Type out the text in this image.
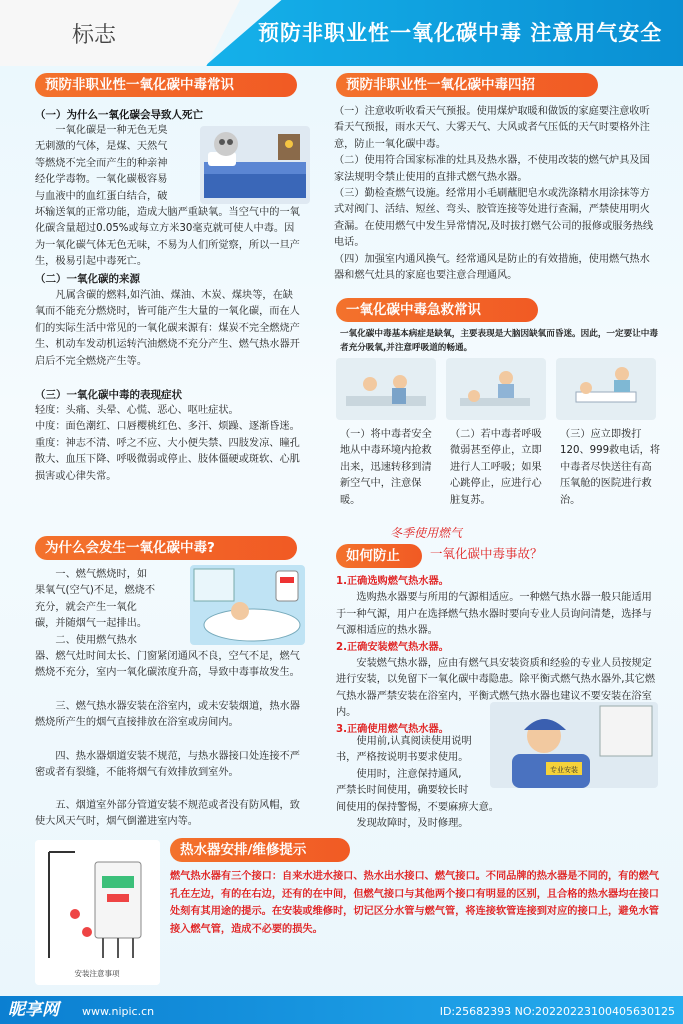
标志	预防非职业性一氧化碳中毒 注意用气安全
预防非职业性一氧化碳中毒常识
（一）为什么一氧化碳会导致人死亡

一氧化碳是一种无色无臭

无刺激的气体，是煤、天然气

等燃烧不完全而产生的种亲神

经化学毒物。一氧化碳极容易

与血液中的血红蛋白结合，破

坏输送氧的正常功能，造成大脑严重缺氧。当空气中的一氧化碳含量超过0.05%或每立方米30毫克就可使人中毒。因为一氧化碳气体无色无味，不易为人们所觉察，所以一旦产生，极易引起中毒死亡。
（二）一氧化碳的来源
凡属含碳的燃料,如汽油、煤油、木炭、煤块等，在缺氧而不能充分燃烧时，皆可能产生大量的一氧化碳，而在人们的实际生活中常见的一氧化碳来源有：煤炭不完全燃烧产生、机动车发动机运转汽油燃烧不充分产生、燃气热水器开启后不完全燃烧产生等。
（三）一氧化碳中毒的表现症状

轻度：头痛、头晕、心慌、恶心、呕吐症状。

中度：面色潮红、口唇樱桃红色、多汗、烦躁、逐渐昏迷。

重度：神志不清、呼之不应、大小便失禁、四肢发凉、瞳孔散大、血压下降、呼吸微弱或停止、肢体僵硬或斑软、心肌损害或心律失常。

为什么会发生一氧化碳中毒?

一、燃气燃烧时，如

果氧气(空气)不足，燃烧不

充分，就会产生一氧化

碳，并随烟气一起排出。

二、使用燃气热水

器、燃气灶时间太长、门窗紧闭通风不良，空气不足，燃气燃烧不充分，室内一氧化碳浓度升高，导致中毒事故发生。
三、燃气热水器安装在浴室内，或未安装烟道，热水器燃烧所产生的烟气直接排放在浴室或房间内。
四、热水器烟道安装不规范，与热水器接口处连接不严密或者有裂缝，不能将烟气有效排放到室外。
五、烟道室外部分管道安装不规范或者没有防风帽，致使大风天气时，烟气倒灌进室内等。
预防非职业性一氧化碳中毒四招

（一）注意收听收看天气预报。使用煤炉取暖和做饭的家庭要注意收听看天气预报，雨水天气、大雾天气、大风或者气压低的天气时要格外注意，防止一氧化碳中毒。

（二）使用符合国家标准的灶具及热水器，不使用改装的燃气炉具及国家法规明令禁止使用的直排式燃气热水器。

（三）勤检查燃气设施。经常用小毛刷蘸肥皂水或洗涤精水用涂抹等方式对阀门、活结、短丝、弯头、胶管连接等处进行查漏，严禁使用明火查漏。在使用燃气中发生异常情况,及时拔打燃气公司的报修或服务热线电话。

（四）加强室内通风换气。经常通风是防止的有效措施，使用燃气热水器和燃气灶具的家庭也要注意合理通风。

一氧化碳中毒急救常识
一氧化碳中毒基本病症是缺氧，主要表现是大脑因缺氧而昏迷。因此，一定要让中毒者充分吸氧,并注意呼吸道的畅通。
（一）将中毒者安全地从中毒环境内抢救出来，迅速转移到清新空气中，注意保暖。
（二）若中毒者呼吸微弱甚至停止，立即进行人工呼吸；如果心跳停止，应进行心脏复苏。
（三）应立即拨打120、999救电话，将中毒者尽快送往有高压氧舱的医院进行救治。
冬季使用燃气
如何防止	一氧化碳中毒事故？

1.正确选购燃气热水器。

选购热水器要与所用的气源相适应。一种燃气热水器一般只能适用于一种气源，用户在选择燃气热水器时要向专业人员询问清楚，选择与气源相适应的热水器。

2.正确安装燃气热水器。

安装燃气热水器，应由有燃气具安装资质和经验的专业人员按规定进行安装，以免留下一氧化碳中毒隐患。除平衡式燃气热水器外,其它燃气热水器严禁安装在浴室内，平衡式燃气热水器也建议不要安装在浴室内。

3.正确使用燃气热水器。

使用前,认真阅读使用说明

书，严格按说明书要求使用。

使用时，注意保持通风,

严禁长时间使用，确要较长时

间使用的保持警惕，不要麻痹大意。

发现故障时，及时修理。

专业安装
安装注意事项
热水器安排/维修提示
燃气热水器有三个接口：自来水进水接口、热水出水接口、燃气接口。不同品牌的热水器是不同的，有的燃气孔在左边，有的在右边，还有的在中间，但燃气接口与其他两个接口有明显的区别，且合格的热水器均在接口处刻有其用途的提示。在安装或维修时，切记区分水管与燃气管，将连接软管连接到对应的接口上，避免水管接入燃气管，造成不必要的损失。
昵享网 www.nipic.cn	ID:25682393 NO:20220223100405630125
